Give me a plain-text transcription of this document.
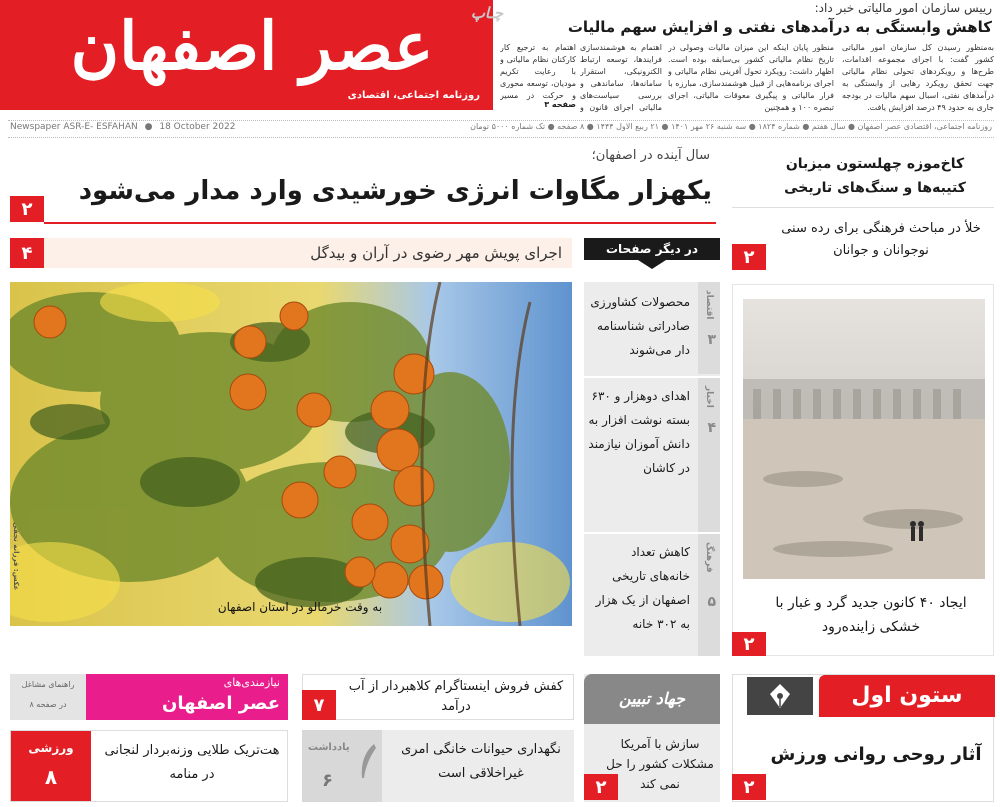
عصر اصفهان
روزنامه اجتماعی، اقتصادی
چـاپ	رییس سازمان امور مالیاتی خبر داد:
کاهش وابستگی به درآمدهای نفتی و افزایش سهم مالیات
به‌منظور رسیدن کل سازمان امور مالیاتی کشور گفت: با اجرای مجموعه اقدامات، طرح‌ها و رویکردهای تحولی نظام مالیاتی جهت تحقق رویکرد رهایی از وابستگی به درآمدهای نفتی، اسبال سهم مالیات در بودجه جاری به حدود ۴۹ درصد افزایش یافت.
منظور پایان اینکه این میزان مالیات وصولی در تاریخ نظام مالیاتی کشور بی‌سابقه بوده است. اظهار داشت: رویکرد تحول آفرینی نظام مالیاتی و اجرای برنامه‌هایی از قبیل هوشمندسازی، مبارزه با فرار مالیاتی و پیگیری معوقات مالیاتی، اجرای تبصره ۱۰۰ و همچنین
اهتمام به هوشمندسازی فرایندها، توسعه ارتباط الکترونیکی، استقرار سامانه‌ها، ساماندهی و بررسی سیاست‌های مالیاتی اجرای قانون و
اهتمام به ترجیع کار کارکنان نظام مالیاتی و با رعایت تکریم مودیان، توسعه محوری و حرکت در مسیر
صفحه ۳
Newspaper ASR-E- ESFAHAN ● 18 October 2022	روزنامه اجتماعی، اقتصادی عصر اصفهان ● سال هفتم ● شماره ۱۸۲۴ ● سه شنبه ۲۶ مهر ۱۴۰۱ ● ۲۱ ربیع الاول ۱۴۴۴ ● ۸ صفحه ● تک شماره ۵۰۰۰ تومان
سال آینده در اصفهان؛
یکهزار مگاوات انرژی خورشیدی وارد مدار می‌شود
۲
اجرای پویش مهر رضوی در آران و بیدگل
۴	در دیگر صفحات
به وقت خرمالو در استان اصفهان
عکس: فرزانه نجفی
اقتصاد
۳
محصولات کشاورزی صادراتی شناسنامه دار می‌شوند
اخبار
۴
اهدای دوهزار و ۶۳۰ بسته نوشت افزار به دانش آموزان نیازمند در کاشان
فرهنگ
۵
کاهش تعداد خانه‌های تاریخی اصفهان از یک هزار به ۳۰۲ خانه
کاخ‌موزه چهلستون میزبان کتیبه‌ها و سنگ‌های تاریخی
خلأ در مباحث فرهنگی برای رده سنی نوجوانان و جوانان
۲
ایجاد ۴۰ کانون جدید گرد و غبار با خشکی زاینده‌رود
۲
ستون اول
آثار روحی روانی ورزش
۲
جهاد تبیین
سازش با آمریکا مشکلات کشور را حل نمی کند
۲
کفش فروش اینستاگرام کلاهبردار از آب درآمد
۷
نگهداری حیوانات خانگی امری غیراخلاقی است
یادداشت
۶
نیازمندی‌های
عصر اصفهان
راهنمای مشاغل
در صفحه ۸
هت‌تریک طلایی وزنه‌بردار لنجانی در منامه
ورزشی
۸
